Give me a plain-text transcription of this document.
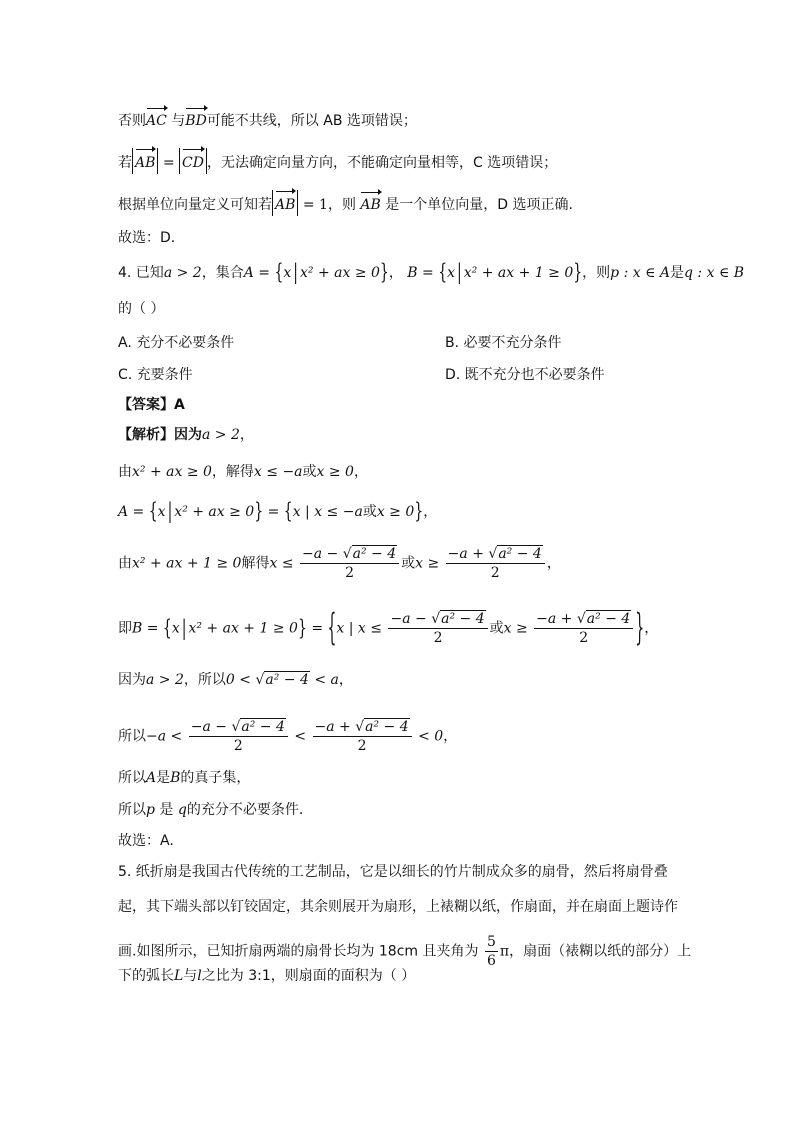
否则AC 与BD可能不共线，所以 AB 选项错误；
若 AB = CD ，无法确定向量方向，不能确定向量相等，C 选项错误；
根据单位向量定义可知若 AB = 1，则 AB 是一个单位向量，D 选项正确.
故选：D.
4. 已知a > 2，集合A = {x | x² + ax ≥ 0}， B = {x | x² + ax + 1 ≥ 0}，则p : x ∈ A是q : x ∈ B
的（ ）
A. 充分不必要条件	B. 必要不充分条件
C. 充要条件	D. 既不充分也不必要条件
【答案】A
【解析】因为a > 2，
由x² + ax ≥ 0，解得x ≤ −a或x ≥ 0，
A = {x | x² + ax ≥ 0} = {x | x ≤ −a或x ≥ 0}，
由x² + ax + 1 ≥ 0解得$x \le \frac{\text{−a − √a² − 4}}{2}$ 或$x \ge \frac{\text{−a + √a² − 4}}{2}$ ，
即B = {x | x² + ax + 1 ≥ 0} = {x | $x \le \frac{\text{−a − √a² − 4}}{2}$ 或$x \ge \frac{\text{−a + √a² − 4}}{2}$ }，
因为a > 2，所以0 < √a² − 4 < a，
所以$-a < \frac{\text{−a − √a² − 4}}{2} < \frac{\text{−a + √a² − 4}}{2} < 0$，
所以A是B的真子集，
所以p 是 q的充分不必要条件.
故选：A.
5. 纸折扇是我国古代传统的工艺制品，它是以细长的竹片制成众多的扇骨，然后将扇骨叠
起，其下端头部以钉铰固定，其余则展开为扇形，上裱糊以纸，作扇面，并在扇面上题诗作
画.如图所示，已知折扇两端的扇骨长均为 18cm 且夹角为 $\frac{5}{6}$ π，扇面（裱糊以纸的部分）上
下的弧长L与l之比为 3:1，则扇面的面积为（ ）
